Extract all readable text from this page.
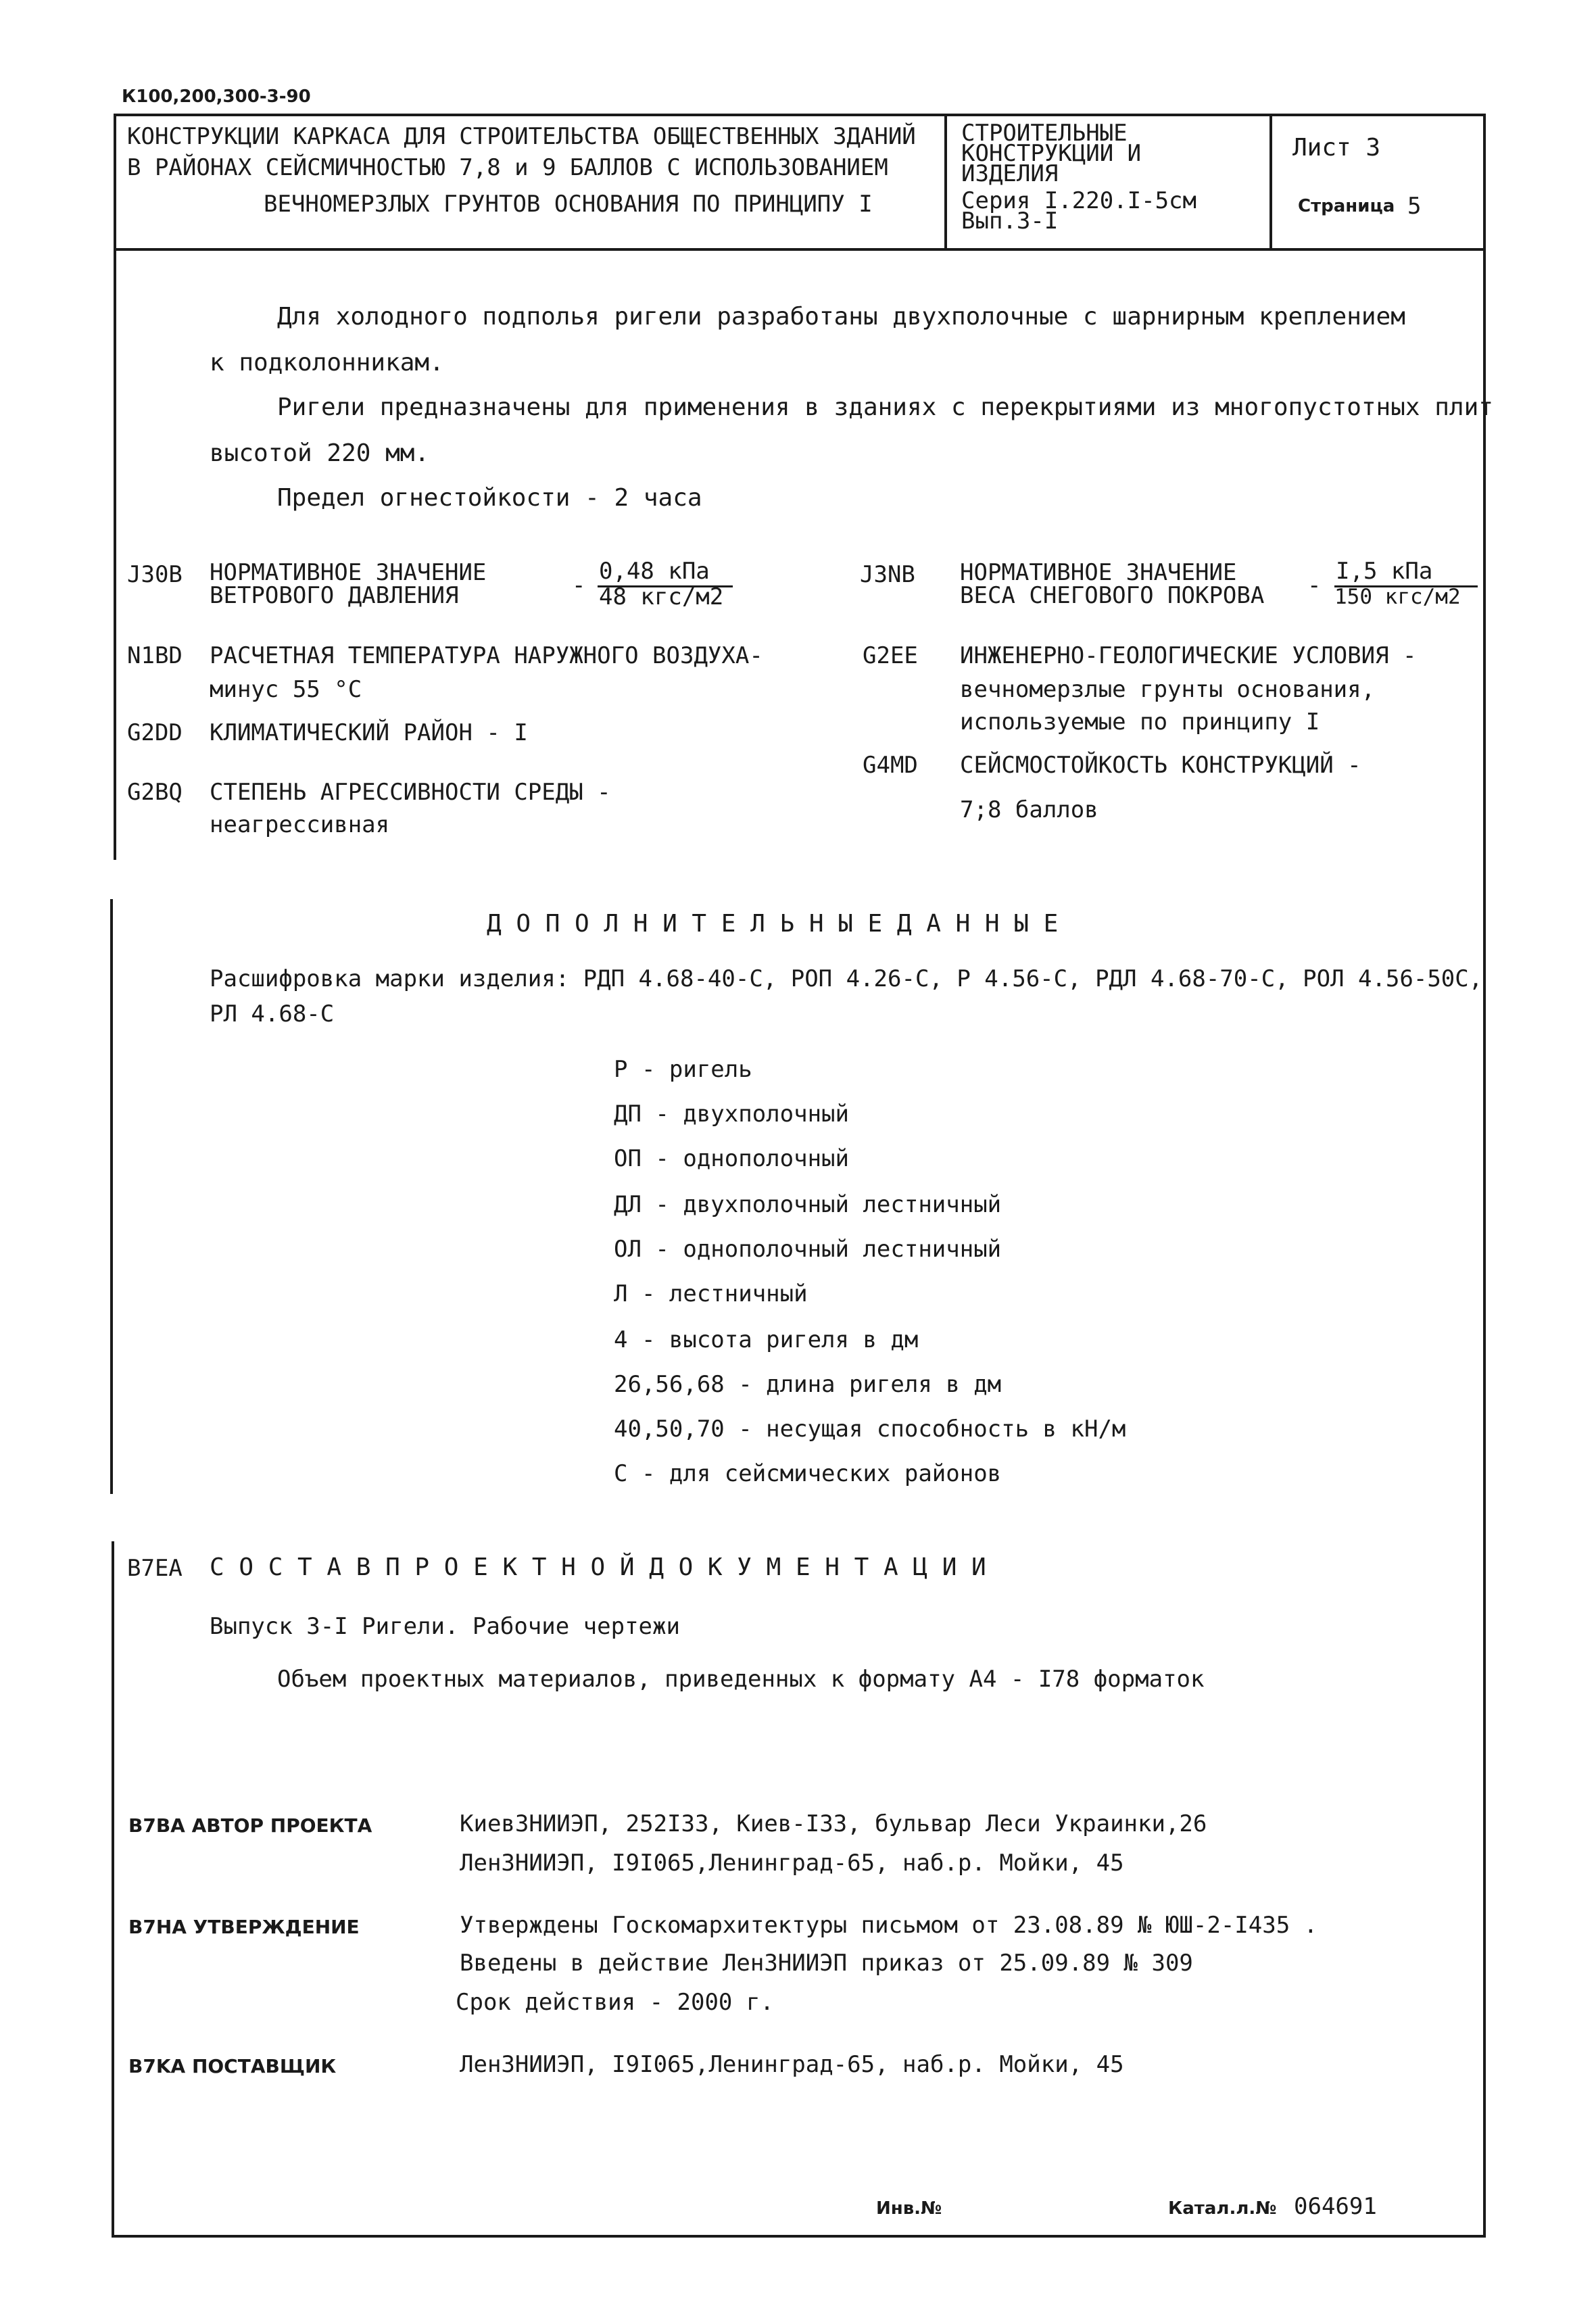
К100,200,300-3-90
КОНСТРУКЦИИ КАРКАСА ДЛЯ СТРОИТЕЛЬСТВА ОБЩЕСТВЕННЫХ ЗДАНИЙ
В РАЙОНАХ СЕЙСМИЧНОСТЬЮ 7,8 и 9 БАЛЛОВ С ИСПОЛЬЗОВАНИЕМ
ВЕЧНОМЕРЗЛЫХ ГРУНТОВ ОСНОВАНИЯ ПО ПРИНЦИПУ I
СТРОИТЕЛЬНЫЕ
КОНСТРУКЦИИ И
ИЗДЕЛИЯ
Серия I.220.I-5см
Вып.3-I
Лист 3
Страница 5
Для холодного подполья ригели разработаны двухполочные с шарнирным креплением
к подколонникам.
Ригели предназначены для применения в зданиях с перекрытиями из многопустотных плит
высотой 220 мм.
Предел огнестойкости - 2 часа
J30B НОРМАТИВНОЕ ЗНАЧЕНИЕ
ВЕТРОВОГО ДАВЛЕНИЯ	-
0,48 кПа
48 кгс/м2
N1BD РАСЧЕТНАЯ ТЕМПЕРАТУРА НАРУЖНОГО ВОЗДУХА-
минус 55 °С
G2DD КЛИМАТИЧЕСКИЙ РАЙОН - I
G2BQ СТЕПЕНЬ АГРЕССИВНОСТИ СРЕДЫ -
неагрессивная
J3NB НОРМАТИВНОЕ ЗНАЧЕНИЕ
ВЕСА СНЕГОВОГО ПОКРОВА -
I,5 кПа
150 кгс/м2
G2EE ИНЖЕНЕРНО-ГЕОЛОГИЧЕСКИЕ УСЛОВИЯ -
вечномерзлые грунты основания,
используемые по принципу I
G4MD СЕЙСМОСТОЙКОСТЬ КОНСТРУКЦИЙ -
7;8 баллов
Д О П О Л Н И Т Е Л Ь Н Ы Е Д А Н Н Ы Е
Расшифровка марки изделия: РДП 4.68-40-С, РОП 4.26-С, Р 4.56-С, РДЛ 4.68-70-С, РОЛ 4.56-50С,
РЛ 4.68-С
Р - ригель
ДП - двухполочный
ОП - однополочный
ДЛ - двухполочный лестничный
ОЛ - однополочный лестничный
Л - лестничный
4 - высота ригеля в дм
26,56,68 - длина ригеля в дм
40,50,70 - несущая способность в кН/м
С - для сейсмических районов
B7EA С О С Т А В П Р О Е К Т Н О Й Д О К У М Е Н Т А Ц И И
Выпуск 3-I Ригели. Рабочие чертежи
Объем проектных материалов, приведенных к формату А4 - I78 форматок
B7BA АВТОР ПРОЕКТА	КиевЗНИИЭП, 252I33, Киев-I33, бульвар Леси Украинки,26
ЛенЗНИИЭП, I9I065,Ленинград-65, наб.р. Мойки, 45
B7HA УТВЕРЖДЕНИЕ	Утверждены Госкомархитектуры письмом от 23.08.89 № ЮШ-2-I435 .
Введены в действие ЛенЗНИИЭП приказ от 25.09.89 № 309
Срок действия - 2000 г.
B7KA ПОСТАВЩИК	ЛенЗНИИЭП, I9I065,Ленинград-65, наб.р. Мойки, 45
Инв.№	Катал.л.№ 064691
